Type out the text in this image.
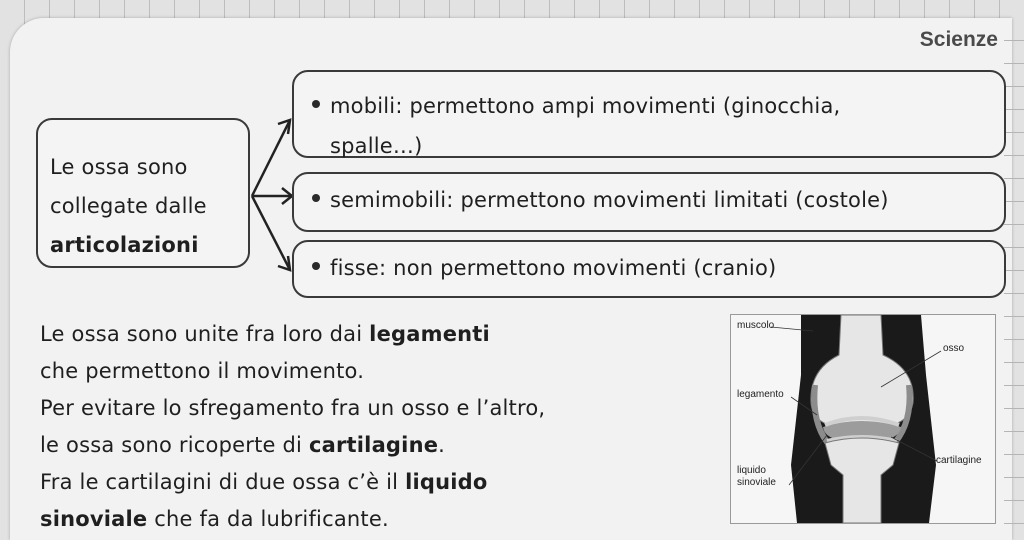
Scienze
Le ossa sono
collegate dalle
articolazioni
mobili: permettono ampi movimenti (ginocchia,
spalle…)
semimobili: permettono movimenti limitati (costole)
fisse: non permettono movimenti (cranio)
Le ossa sono unite fra loro dai legamenti
che permettono il movimento.
Per evitare lo sfregamento fra un osso e l’altro,
le ossa sono ricoperte di cartilagine.
Fra le cartilagini di due ossa c’è il liquido
sinoviale che fa da lubrificante.
muscolo
osso
legamento
cartilagine
liquido
sinoviale
